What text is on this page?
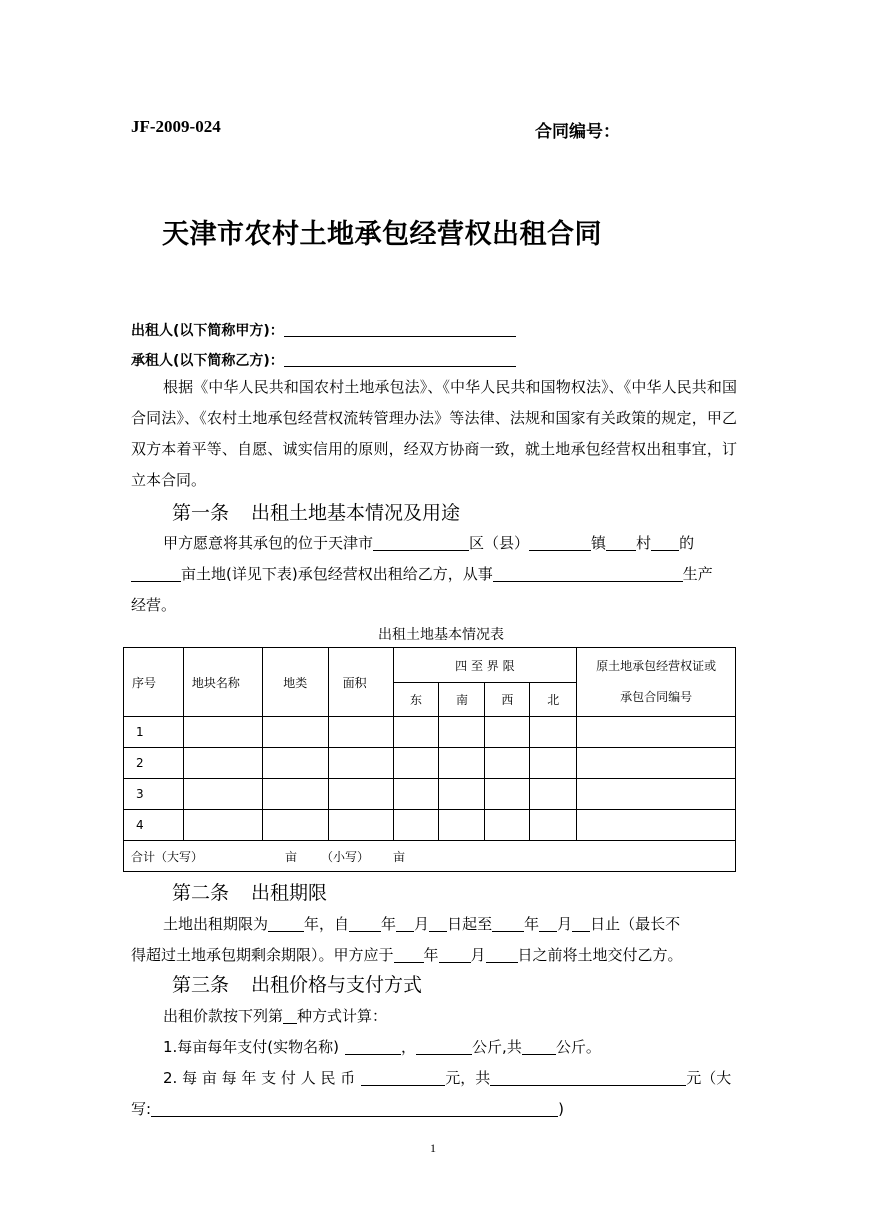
JF-2009-024	合同编号：
天津市农村土地承包经营权出租合同
出租人(以下简称甲方)：
承租人(以下简称乙方)：

根据《中华人民共和国农村土地承包法》、《中华人民共和国物权法》、《中华人民共和国合同法》、《农村土地承包经营权流转管理办法》等法律、法规和国家有关政策的规定，甲乙双方本着平等、自愿、诚实信用的原则，经双方协商一致，就土地承包经营权出租事宜，订立本合同。

第一条 出租土地基本情况及用途
甲方愿意将其承包的位于天津市	区（县）	镇 村 的
亩土地(详见下表)承包经营权出租给乙方，从事	生产
经营。
出租土地基本情况表
序号	地块名称	地类	面积	四 至 界 限				原土地承包经营权证或
承包合同编号

				东	南	西	北	
1								
2								
3								
4								
合计（大写） 亩 （小写） 亩								
第二条 出租期限
土地出租期限为 年，自 年 月 日起至 年 月 日止（最长不
得超过土地承包期剩余期限）。甲方应于 年 月 日之前将土地交付乙方。
第三条 出租价格与支付方式
出租价款按下列第 种方式计算：
1.每亩每年支付(实物名称)	，	公斤,共 公斤。
2. 每 亩 每 年 支 付 人 民 币	元，共	元（大
写:	)
1
